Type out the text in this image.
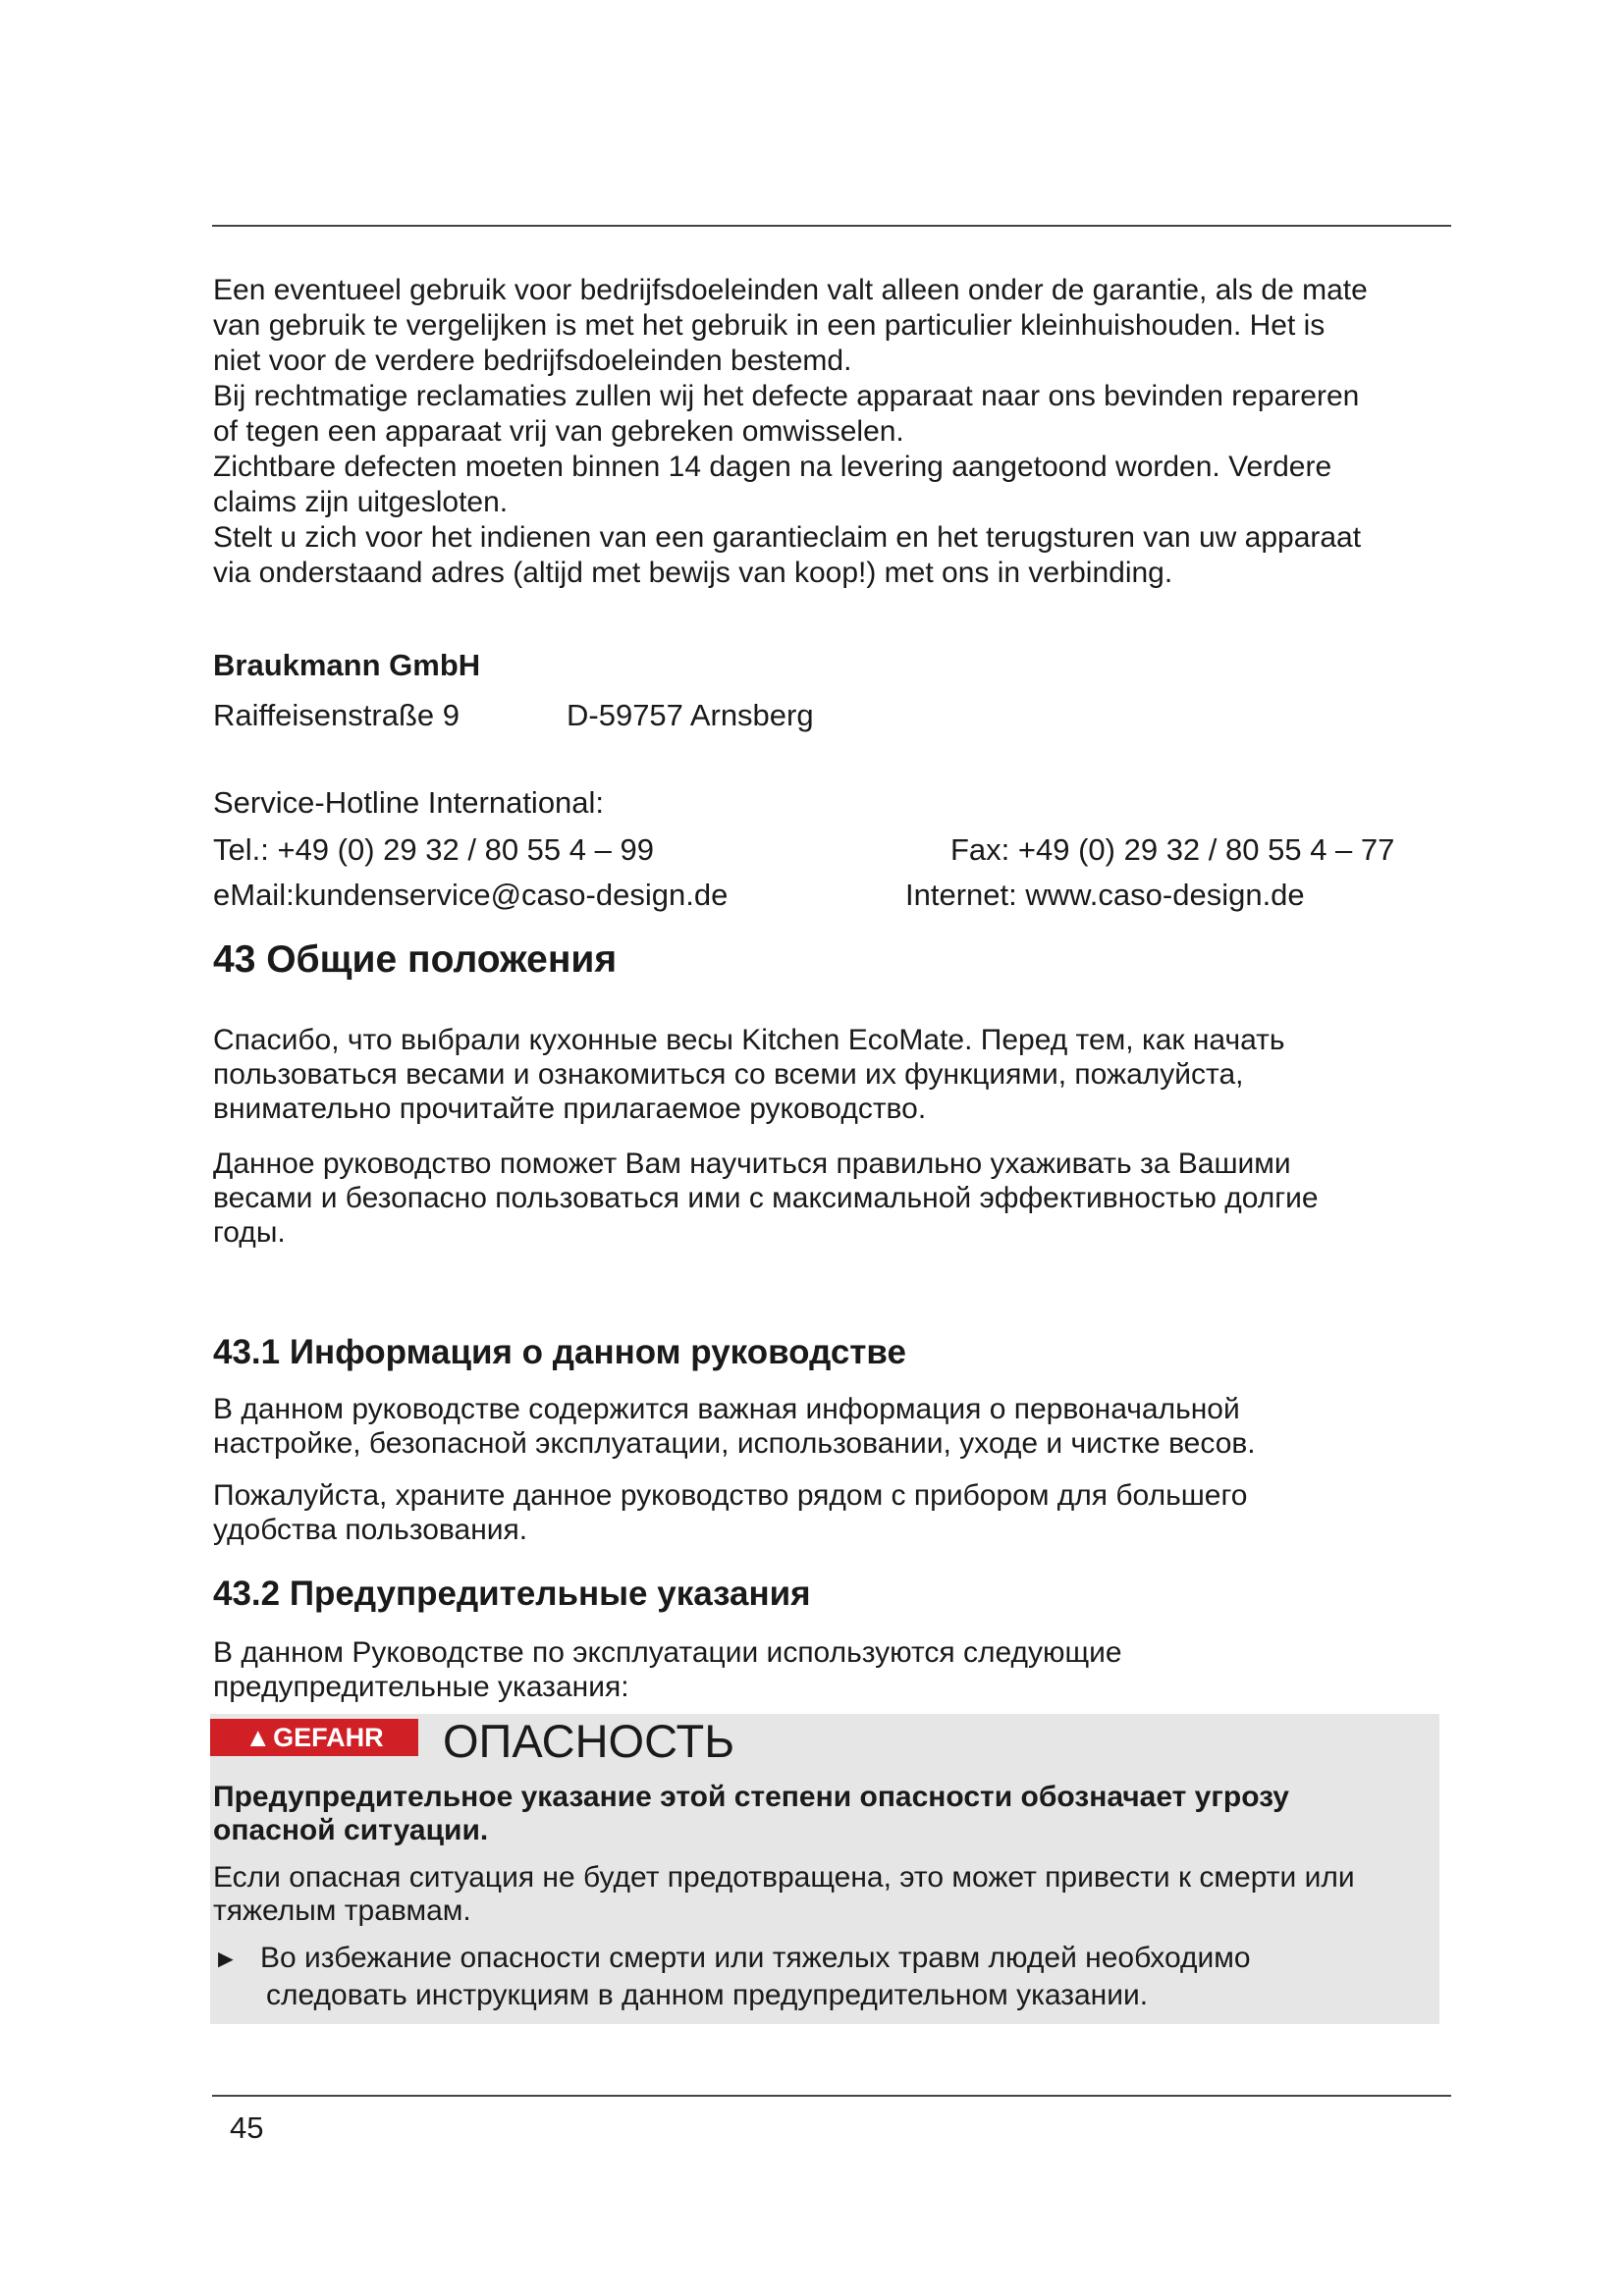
Een eventueel gebruik voor bedrijfsdoeleinden valt alleen onder de garantie, als de mate

van gebruik te vergelijken is met het gebruik in een particulier kleinhuishouden. Het is

niet voor de verdere bedrijfsdoeleinden bestemd.

Bij rechtmatige reclamaties zullen wij het defecte apparaat naar ons bevinden repareren

of tegen een apparaat vrij van gebreken omwisselen.

Zichtbare defecten moeten binnen 14 dagen na levering aangetoond worden. Verdere

claims zijn uitgesloten.

Stelt u zich voor het indienen van een garantieclaim en het terugsturen van uw apparaat

via onderstaand adres (altijd met bewijs van koop!) met ons in verbinding.

Braukmann GmbH
Raiffeisenstraße 9	D-59757 Arnsberg
Service-Hotline International:
Tel.: +49 (0) 29 32 / 80 55 4 – 99	Fax: +49 (0) 29 32 / 80 55 4 – 77
eMail:kundenservice@caso-design.de	Internet: www.caso-design.de
43 Общие положения

Спасибо, что выбрали кухонные весы Kitchen EcoMate. Перед тем, как начать

пользоваться весами и ознакомиться со всеми их функциями, пожалуйста,

внимательно прочитайте прилагаемое руководство.

Данное руководство поможет Вам научиться правильно ухаживать за Вашими

весами и безопасно пользоваться ими с максимальной эффективностью долгие

годы.

43.1 Информация о данном руководстве

В данном руководстве содержится важная информация о первоначальной

настройке, безопасной эксплуатации, использовании, уходе и чистке весов.

Пожалуйста, храните данное руководство рядом с прибором для большего

удобства пользования.

43.2 Предупредительные указания

В данном Руководстве по эксплуатации используются следующие

предупредительные указания:

▲GEFAHR	ОПАСНОСТЬ
Предупредительное указание этой степени опасности обозначает угрозу
опасной ситуации.
Если опасная ситуация не будет предотвращена, это может привести к смерти или
тяжелым травмам.
► Во избежание опасности смерти или тяжелых травм людей необходимо
следовать инструкциям в данном предупредительном указании.
45
